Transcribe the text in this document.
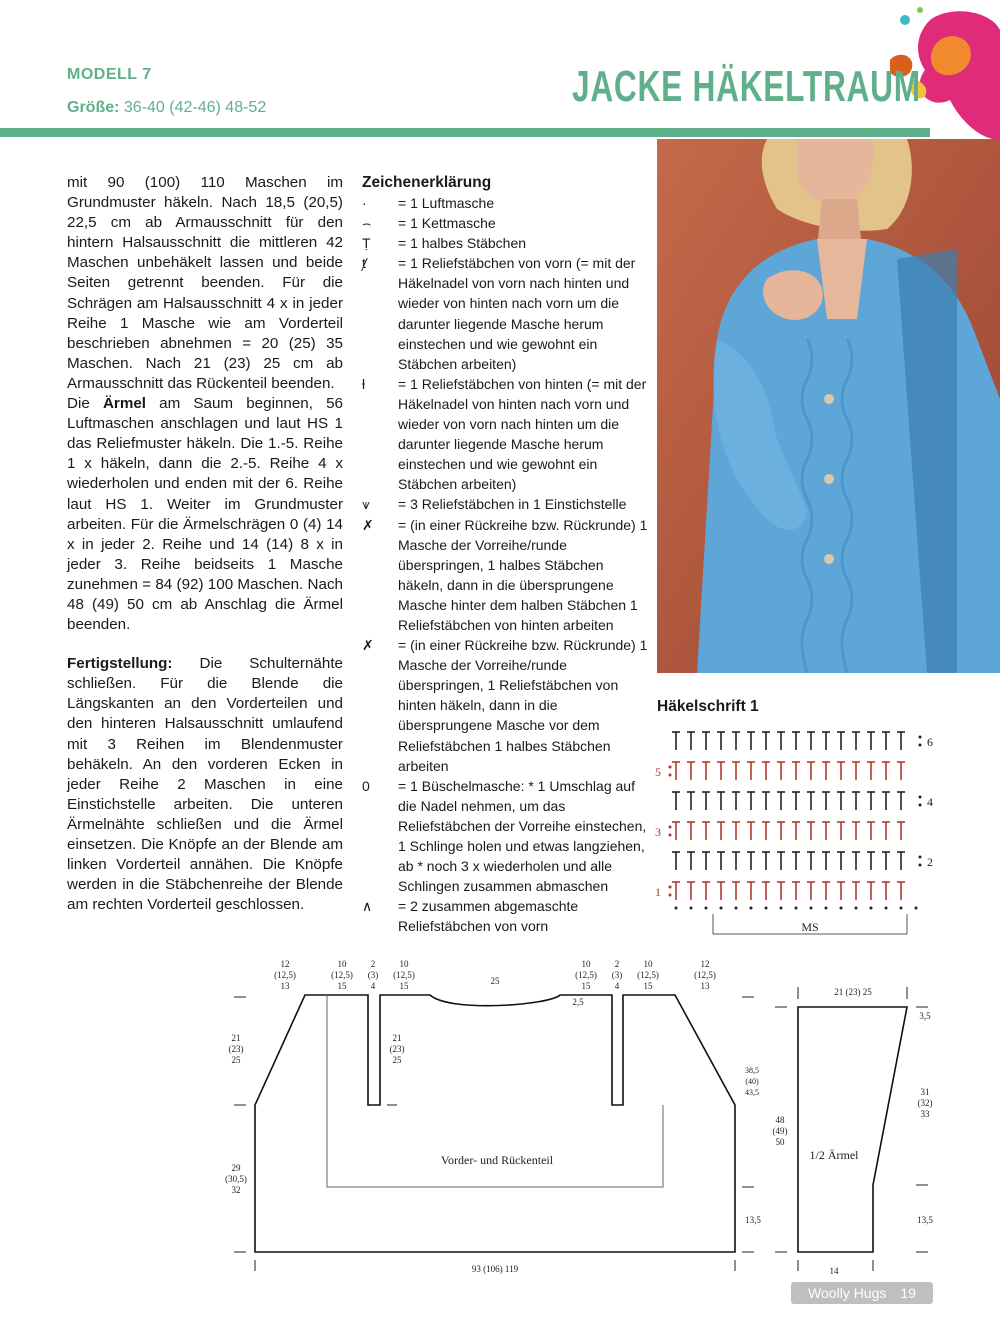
MODELL 7
Größe: 36-40 (42-46) 48-52	JACKE HÄKELTRAUM

mit 90 (100) 110 Maschen im Grundmuster häkeln. Nach 18,5 (20,5) 22,5 cm ab Armausschnitt für den hintern Halsausschnitt die mittleren 42 Maschen unbehäkelt lassen und beide Seiten getrennt beenden. Für die Schrägen am Halsausschnitt 4 x in jeder Reihe 1 Masche wie am Vorderteil beschrieben abnehmen = 20 (25) 35 Maschen. Nach 21 (23) 25 cm ab Armausschnitt das Rückenteil beenden.

Die Ärmel am Saum beginnen, 56 Luftmaschen anschlagen und laut HS 1 das Reliefmuster häkeln. Die 1.-5. Reihe 1 x häkeln, dann die 2.-5. Reihe 4 x wiederholen und enden mit der 6. Reihe laut HS 1. Weiter im Grundmuster arbeiten. Für die Ärmelschrägen 0 (4) 14 x in jeder 2. Reihe und 14 (14) 8 x in jeder 3. Reihe beidseits 1 Masche zunehmen = 84 (92) 100 Maschen. Nach 48 (49) 50 cm ab Anschlag die Ärmel beenden.

Fertigstellung: Die Schulternähte schließen. Für die Blende die Längskanten an den Vorderteilen und den hinteren Halsausschnitt umlaufend mit 3 Reihen im Blendenmuster behäkeln. An den vorderen Ecken in jeder Reihe 2 Maschen in eine Einstichstelle arbeiten. Die unteren Ärmelnähte schließen und die Ärmel einsetzen. Die Knöpfe an der Blende am linken Vorderteil annähen. Die Knöpfe werden in die Stäbchenreihe der Blende am rechten Vorderteil geschlossen.

Zeichenerklärung
·	= 1 Luftmasche
⌢	= 1 Kettmasche
Ṭ	= 1 halbes Stäbchen
ⱦ	= 1 Reliefstäbchen von vorn (= mit der Häkelnadel von vorn nach hinten und wieder von hinten nach vorn um die darunter liegende Masche herum einstechen und wie gewohnt ein Stäbchen arbeiten)
ƚ	= 1 Reliefstäbchen von hinten (= mit der Häkelnadel von hinten nach vorn und wieder von vorn nach hinten um die darunter liegende Masche herum einstechen und wie gewohnt ein Stäbchen arbeiten)
⩛	= 3 Reliefstäbchen in 1 Einstichstelle
✗	= (in einer Rückreihe bzw. Rückrunde) 1 Masche der Vorreihe/runde überspringen, 1 halbes Stäbchen häkeln, dann in die übersprungene Masche hinter dem halben Stäbchen 1 Reliefstäbchen von hinten arbeiten
✗	= (in einer Rückreihe bzw. Rückrunde) 1 Masche der Vorreihe/runde überspringen, 1 Reliefstäbchen von hinten häkeln, dann in die übersprungene Masche vor dem Reliefstäbchen 1 halbes Stäbchen arbeiten
0	= 1 Büschelmasche: * 1 Umschlag auf die Nadel nehmen, um das Reliefstäbchen der Vorreihe einstechen, 1 Schlinge holen und etwas langziehen, ab * noch 3 x wiederholen und alle Schlingen zusammen abmaschen
∧	= 2 zusammen abgemaschte Reliefstäbchen von vorn
Häkelschrift 1
5
3
1
6
4
2
MS
12
(12,5)
13
10
(12,5)
15
2
(3)
4
10
(12,5)
15	25
10
(12,5)
15
2
(3)
4
10
(12,5)
15
12
(12,5)
13
2,5
21
(23)
25
21
(23)
25
29
(30,5)
32
38,5
(40)
43,5
13,5
93 (106) 119
21 (23) 25
3,5
48
(49)
50
31
(32)
33
13,5
14
Vorder- und Rückenteil	1/2 Ärmel
Woolly Hugs 19
